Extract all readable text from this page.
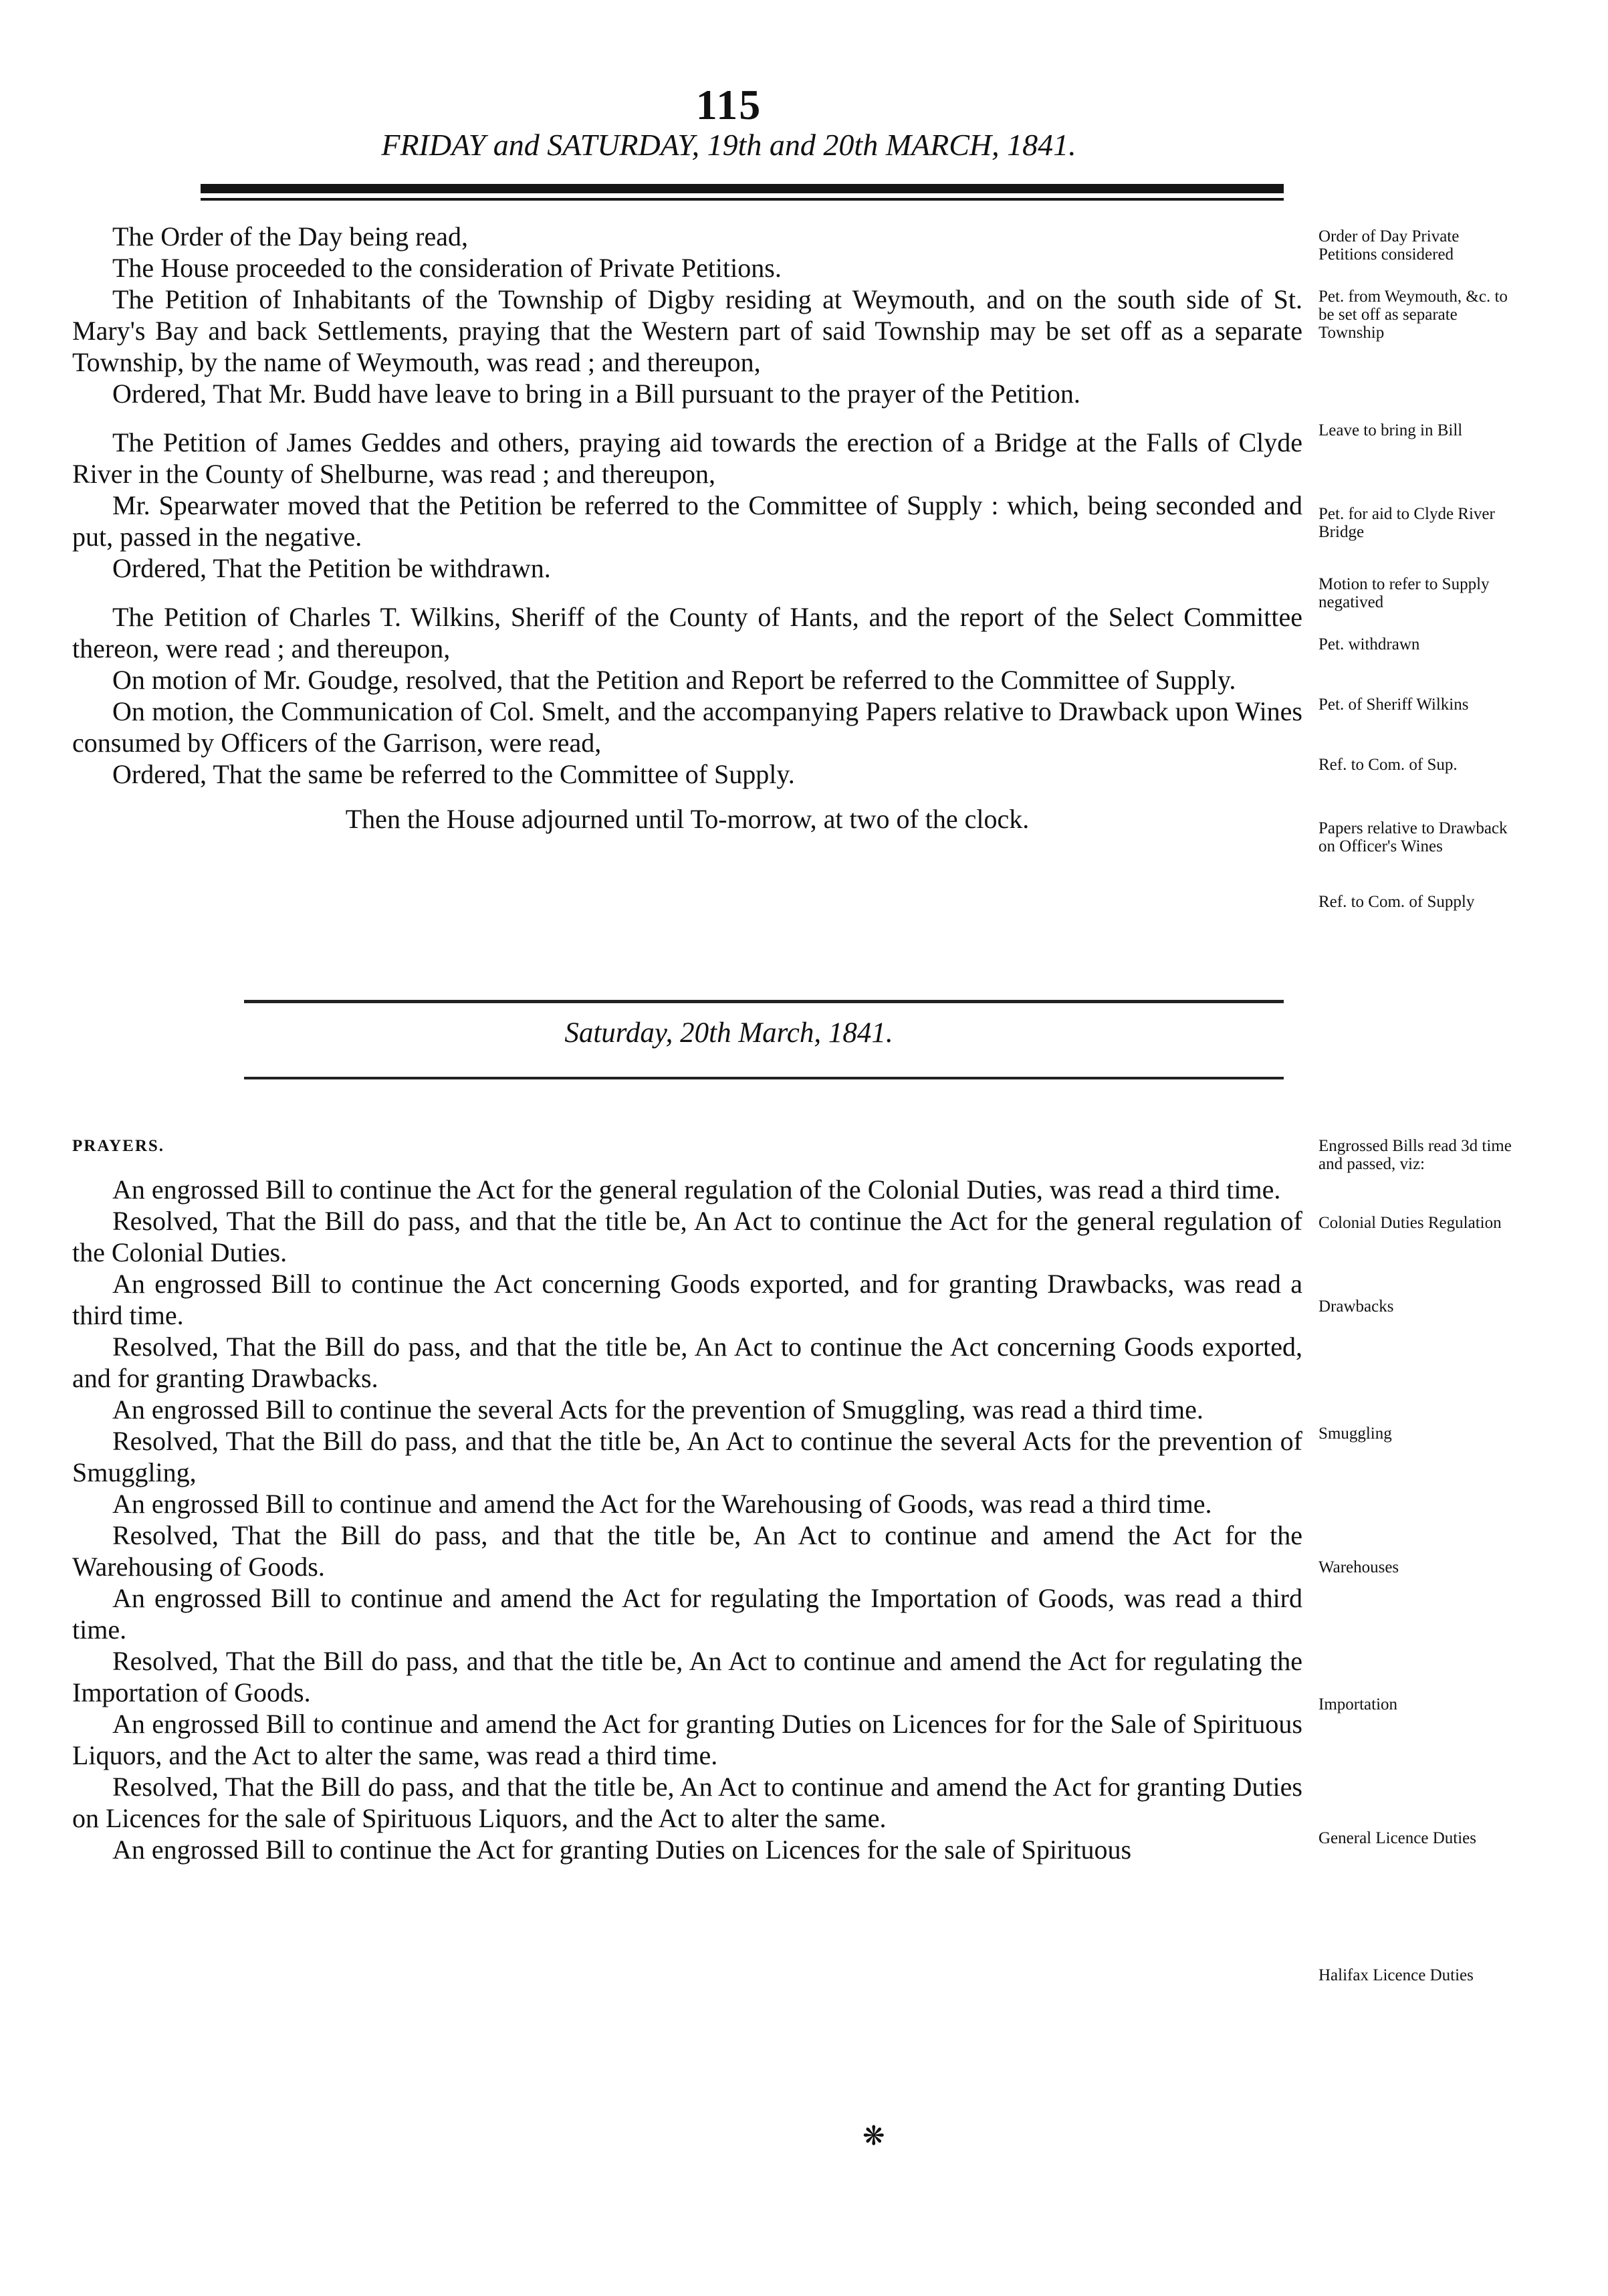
115
FRIDAY and SATURDAY, 19th and 20th MARCH, 1841.

The Order of the Day being read,

The House proceeded to the consideration of Private Petitions.

The Petition of Inhabitants of the Township of Digby residing at Weymouth, and on the south side of St. Mary's Bay and back Settlements, praying that the Western part of said Township may be set off as a separate Township, by the name of Weymouth, was read ; and thereupon,

Ordered, That Mr. Budd have leave to bring in a Bill pursuant to the prayer of the Petition.

The Petition of James Geddes and others, praying aid towards the erection of a Bridge at the Falls of Clyde River in the County of Shelburne, was read ; and thereupon,

Mr. Spearwater moved that the Petition be referred to the Committee of Supply : which, being seconded and put, passed in the negative.

Ordered, That the Petition be withdrawn.

The Petition of Charles T. Wilkins, Sheriff of the County of Hants, and the report of the Select Committee thereon, were read ; and thereupon,

On motion of Mr. Goudge, resolved, that the Petition and Report be referred to the Committee of Supply.

On motion, the Communication of Col. Smelt, and the accompanying Papers relative to Drawback upon Wines consumed by Officers of the Garrison, were read,

Ordered, That the same be referred to the Committee of Supply.

Then the House adjourned until To-morrow, at two of the clock.

Saturday, 20th March, 1841.

PRAYERS.

An engrossed Bill to continue the Act for the general regulation of the Colonial Duties, was read a third time.

Resolved, That the Bill do pass, and that the title be, An Act to continue the Act for the general regulation of the Colonial Duties.

An engrossed Bill to continue the Act concerning Goods exported, and for granting Drawbacks, was read a third time.

Resolved, That the Bill do pass, and that the title be, An Act to continue the Act concerning Goods exported, and for granting Drawbacks.

An engrossed Bill to continue the several Acts for the prevention of Smuggling, was read a third time.

Resolved, That the Bill do pass, and that the title be, An Act to continue the several Acts for the prevention of Smuggling,

An engrossed Bill to continue and amend the Act for the Warehousing of Goods, was read a third time.

Resolved, That the Bill do pass, and that the title be, An Act to continue and amend the Act for the Warehousing of Goods.

An engrossed Bill to continue and amend the Act for regulating the Importation of Goods, was read a third time.

Resolved, That the Bill do pass, and that the title be, An Act to continue and amend the Act for regulating the Importation of Goods.

An engrossed Bill to continue and amend the Act for granting Duties on Licences for for the Sale of Spirituous Liquors, and the Act to alter the same, was read a third time.

Resolved, That the Bill do pass, and that the title be, An Act to continue and amend the Act for granting Duties on Licences for the sale of Spirituous Liquors, and the Act to alter the same.

An engrossed Bill to continue the Act for granting Duties on Licences for the sale of Spirituous

Order of Day Private Petitions considered
Pet. from Weymouth, &c. to be set off as separate Township
Leave to bring in Bill
Pet. for aid to Clyde River Bridge
Motion to refer to Supply negatived
Pet. withdrawn
Pet. of Sheriff Wilkins
Ref. to Com. of Sup.
Papers relative to Drawback on Officer's Wines
Ref. to Com. of Supply
Engrossed Bills read 3d time and passed, viz:
Colonial Duties Regulation
Drawbacks
Smuggling
Warehouses
Importation
General Licence Duties
Halifax Licence Duties
❋
